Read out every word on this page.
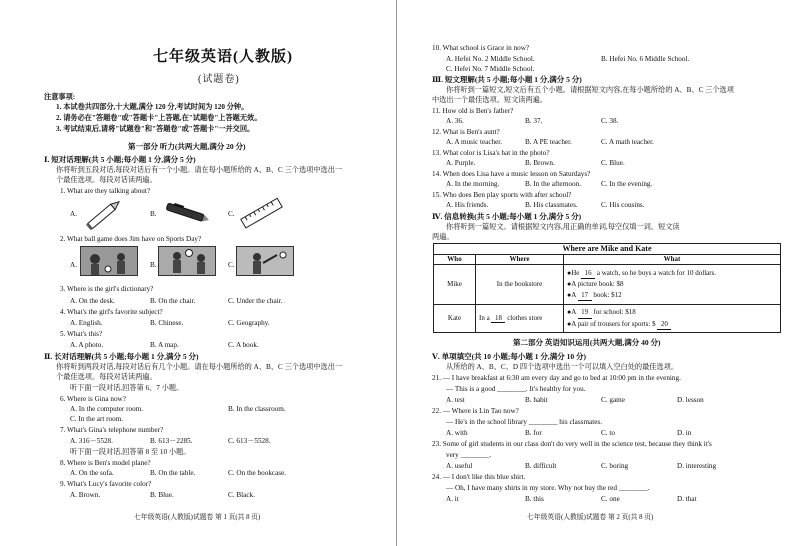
七年级英语(人教版)
(试题卷)
注意事项:
1. 本试卷共四部分,十大题,满分 120 分,考试时间为 120 分钟。
2. 请务必在"答题卷"或"答题卡"上答题,在"试题卷"上答题无效。
3. 考试结束后,请将"试题卷"和"答题卷"或"答题卡"一并交回。
第一部分 听力(共两大题,满分 20 分)
Ⅰ. 短对话理解(共 5 小题;每小题 1 分,满分 5 分)
你将听到五段对话,每段对话后有一个小题。请在每小题所给的 A、B、C 三个选项中选出一
个最佳选项。每段对话读两遍。
1. What are they talking about?
A.	B.	C.
2. What ball game does Jim have on Sports Day?
A.	B.	C.
3. Where is the girl's dictionary?
A. On the desk.	B. On the chair.	C. Under the chair.
4. What's the girl's favorite subject?
A. English.	B. Chinese.	C. Geography.
5. What's this?
A. A photo.	B. A map.	C. A book.
Ⅱ. 长对话理解(共 5 小题;每小题 1 分,满分 5 分)
你将听到两段对话,每段对话后有几个小题。请在每小题所给的 A、B、C 三个选项中选出一
个最佳选项。每段对话读两遍。
听下面一段对话,回答第 6、7 小题。
6. Where is Gina now?
A. In the computer room.	B. In the classroom.
C. In the art room.
7. What's Gina's telephone number?
A. 316－5528.	B. 613－2285.	C. 613－5528.
听下面一段对话,回答第 8 至 10 小题。
8. Where is Ben's model plane?
A. On the sofa.	B. On the table.	C. On the bookcase.
9. What's Lucy's favorite color?
A. Brown.	B. Blue.	C. Black.
七年级英语(人教版)试题卷 第 1 页(共 8 页)
10. What school is Grace in now?
A. Hefei No. 2 Middle School.	B. Hefei No. 6 Middle School.
C. Hefei No. 7 Middle School.
Ⅲ. 短文理解(共 5 小题;每小题 1 分,满分 5 分)
你将听到一篇短文,短文后有五个小题。请根据短文内容,在每小题所给的 A、B、C 三个选项
中选出一个最佳选项。短文读两遍。
11. How old is Ben's father?
A. 36.	B. 37.	C. 38.
12. What is Ben's aunt?
A. A music teacher.	B. A PE teacher.	C. A math teacher.
13. What color is Lisa's hat in the photo?
A. Purple.	B. Brown.	C. Blue.
14. When does Lisa have a music lesson on Saturdays?
A. In the morning.	B. In the afternoon.	C. In the evening.
15. Who does Ben play sports with after school?
A. His friends.	B. His classmates.	C. His cousins.
Ⅳ. 信息转换(共 5 小题;每小题 1 分,满分 5 分)
你将听到一篇短文。请根据短文内容,用正确的单词,每空仅填一词。短文读
两遍。
Where are Mike and Kate		
Who	Where	What
Mike	In the bookstore	●He 16 a watch, so he buys a watch for 10 dollars.
●A picture book: $8
●A 17 book: $12

Kate	In a 18 clothes store	●A 19 for school: $18
●A pair of trousers for sports: $ 20
第二部分 英语知识运用(共两大题,满分 40 分)
Ⅴ. 单项填空(共 10 小题;每小题 1 分,满分 10 分)
从所给的 A、B、C、D 四个选项中选出一个可以填入空白处的最佳选项。
21. — I have breakfast at 6:30 am every day and go to bed at 10:00 pm in the evening.
— This is a good ________. It's healthy for you.
A. test	B. habit	C. game	D. lesson
22. — Where is Lin Tao now?
— He's in the school library ________ his classmates.
A. with	B. for	C. to	D. in
23. Some of girl students in our class don't do very well in the science test, because they think it's
very ________.
A. useful	B. difficult	C. boring	D. interesting
24. — I don't like this blue shirt.
— Oh, I have many shirts in my store. Why not buy the red ________.
A. it	B. this	C. one	D. that
七年级英语(人教版)试题卷 第 2 页(共 8 页)
